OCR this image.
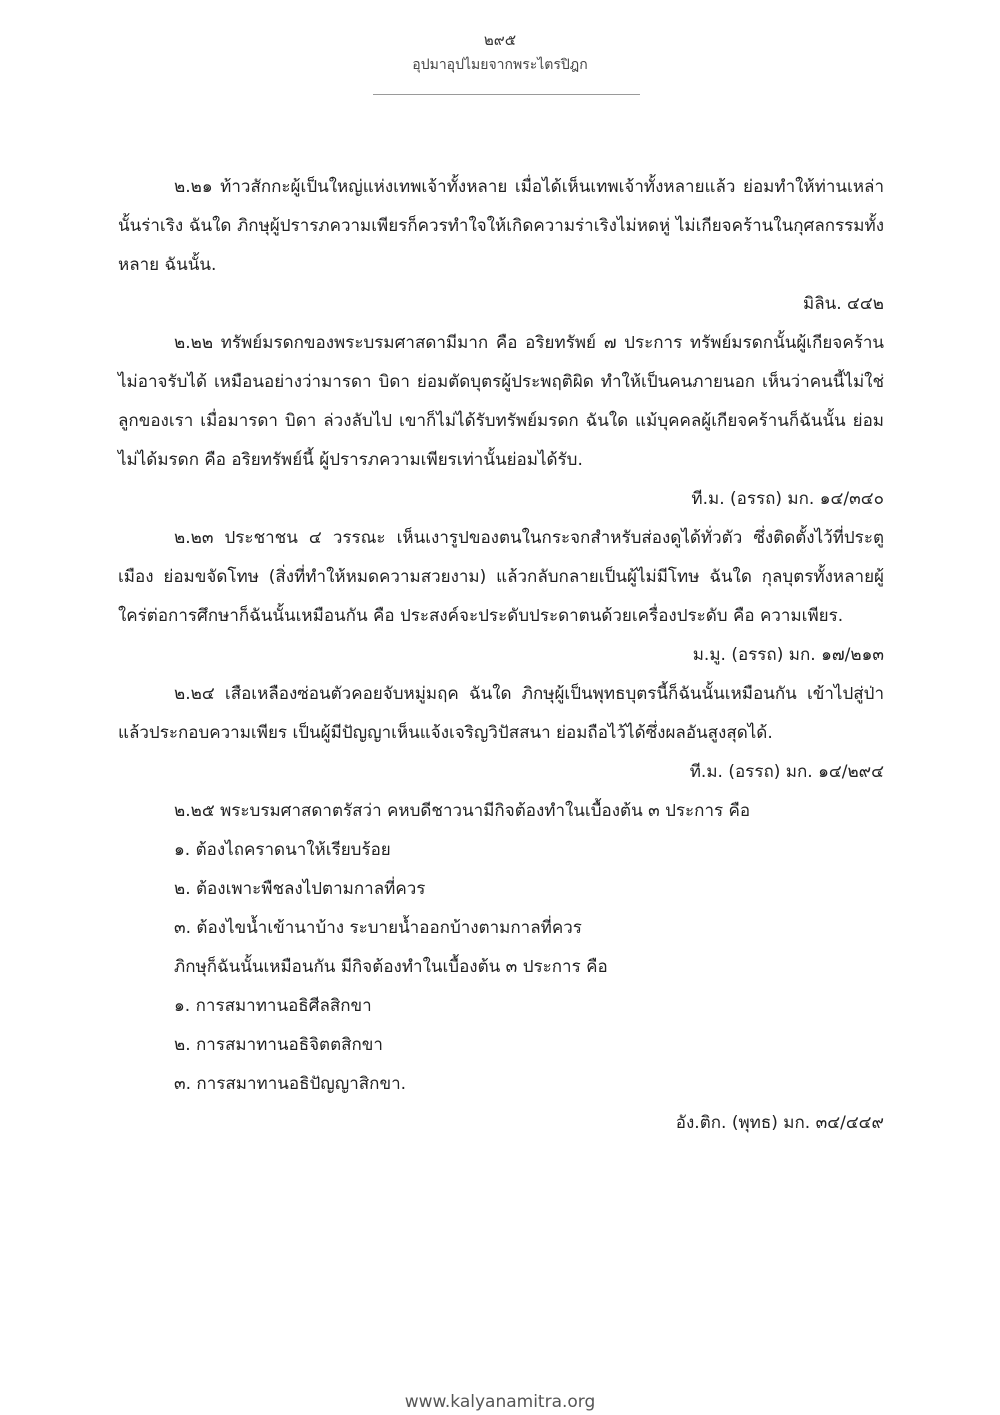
๒๙๕
อุปมาอุปไมยจากพระไตรปิฎก

๒.๒๑ ท้าวสักกะผู้เป็นใหญ่แห่งเทพเจ้าทั้งหลาย เมื่อได้เห็นเทพเจ้าทั้งหลายแล้ว ย่อมทำให้ท่านเหล่านั้นร่าเริง ฉันใด ภิกษุผู้ปรารภความเพียรก็ควรทำใจให้เกิดความร่าเริงไม่หดหู่ ไม่เกียจคร้านในกุศลกรรมทั้งหลาย ฉันนั้น.

มิลิน. ๔๔๒

๒.๒๒ ทรัพย์มรดกของพระบรมศาสดามีมาก คือ อริยทรัพย์ ๗ ประการ ทรัพย์มรดกนั้นผู้เกียจคร้านไม่อาจรับได้ เหมือนอย่างว่ามารดา บิดา ย่อมตัดบุตรผู้ประพฤติผิด ทำให้เป็นคนภายนอก เห็นว่าคนนี้ไม่ใช่ลูกของเรา เมื่อมารดา บิดา ล่วงลับไป เขาก็ไม่ได้รับทรัพย์มรดก ฉันใด แม้บุคคลผู้เกียจคร้านก็ฉันนั้น ย่อมไม่ได้มรดก คือ อริยทรัพย์นี้ ผู้ปรารภความเพียรเท่านั้นย่อมได้รับ.

ที.ม. (อรรถ) มก. ๑๔/๓๔๐

๒.๒๓ ประชาชน ๔ วรรณะ เห็นเงารูปของตนในกระจกสำหรับส่องดูได้ทั่วตัว ซึ่งติดตั้งไว้ที่ประตูเมือง ย่อมขจัดโทษ (สิ่งที่ทำให้หมดความสวยงาม) แล้วกลับกลายเป็นผู้ไม่มีโทษ ฉันใด กุลบุตรทั้งหลายผู้ใคร่ต่อการศึกษาก็ฉันนั้นเหมือนกัน คือ ประสงค์จะประดับประดาตนด้วยเครื่องประดับ คือ ความเพียร.

ม.มู. (อรรถ) มก. ๑๗/๒๑๓

๒.๒๔ เสือเหลืองซ่อนตัวคอยจับหมู่มฤค ฉันใด ภิกษุผู้เป็นพุทธบุตรนี้ก็ฉันนั้นเหมือนกัน เข้าไปสู่ป่าแล้วประกอบความเพียร เป็นผู้มีปัญญาเห็นแจ้งเจริญวิปัสสนา ย่อมถือไว้ได้ซึ่งผลอันสูงสุดได้.

ที.ม. (อรรถ) มก. ๑๔/๒๙๔

๒.๒๕ พระบรมศาสดาตรัสว่า คหบดีชาวนามีกิจต้องทำในเบื้องต้น ๓ ประการ คือ

๑. ต้องไถคราดนาให้เรียบร้อย

๒. ต้องเพาะพืชลงไปตามกาลที่ควร

๓. ต้องไขน้ำเข้านาบ้าง ระบายน้ำออกบ้างตามกาลที่ควร

ภิกษุก็ฉันนั้นเหมือนกัน มีกิจต้องทำในเบื้องต้น ๓ ประการ คือ

๑. การสมาทานอธิศีลสิกขา

๒. การสมาทานอธิจิตตสิกขา

๓. การสมาทานอธิปัญญาสิกขา.

อัง.ติก. (พุทธ) มก. ๓๔/๔๔๙

www.kalyanamitra.org
